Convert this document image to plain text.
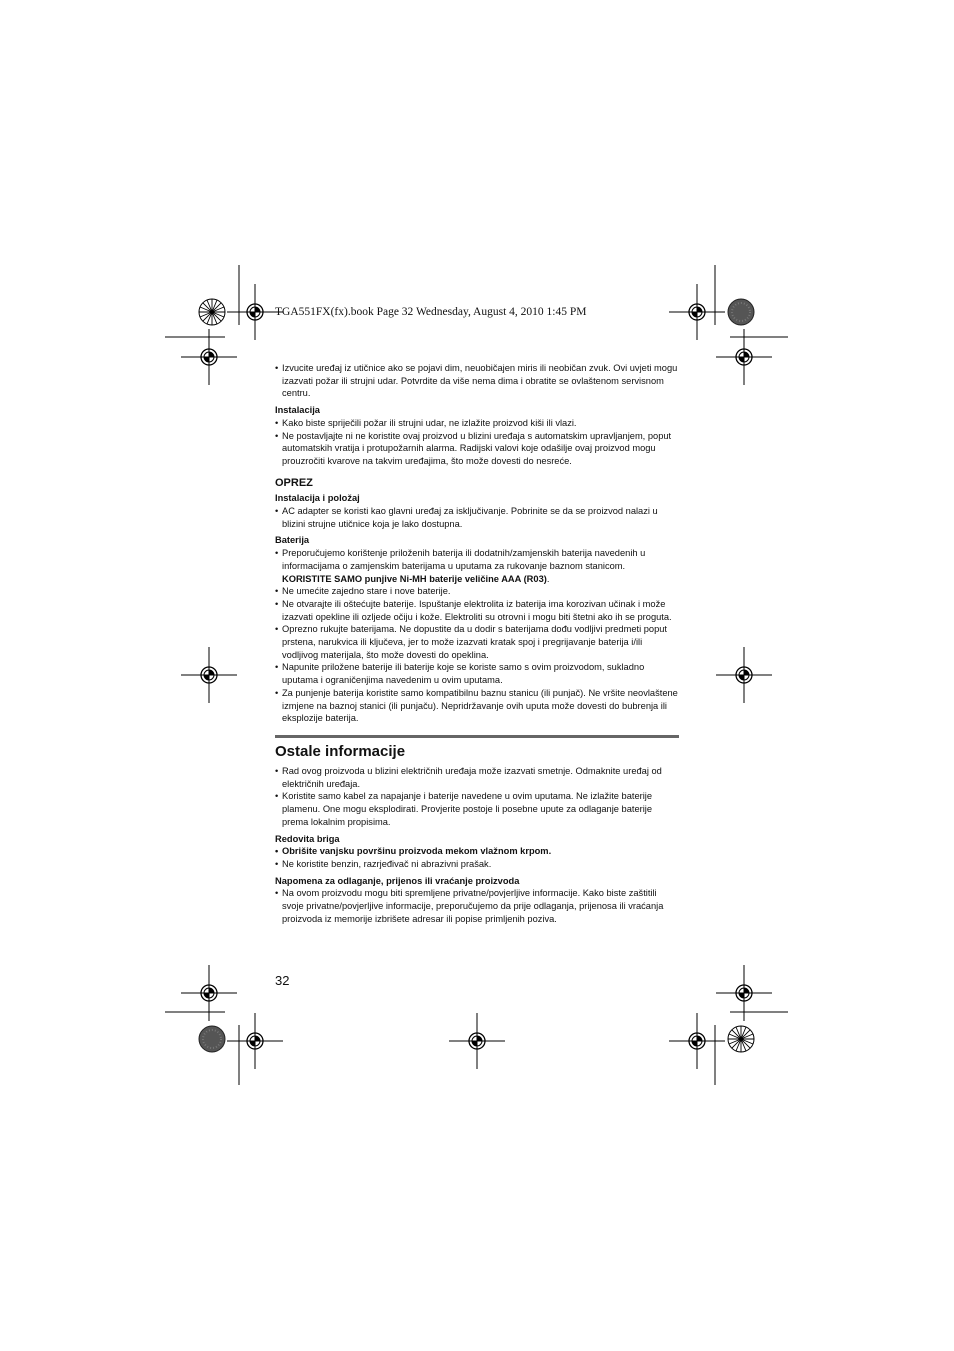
TGA551FX(fx).book Page 32 Wednesday, August 4, 2010 1:45 PM

• Izvucite uređaj iz utičnice ako se pojavi dim, neuobičajen miris ili neobičan zvuk. Ovi uvjeti mogu izazvati požar ili strujni udar. Potvrdite da više nema dima i obratite se ovlaštenom servisnom centru.

Instalacija

• Kako biste spriječili požar ili strujni udar, ne izlažite proizvod kiši ili vlazi.

• Ne postavljajte ni ne koristite ovaj proizvod u blizini uređaja s automatskim upravljanjem, poput automatskih vratija i protupožarnih alarma. Radijski valovi koje odašilje ovaj proizvod mogu prouzročiti kvarove na takvim uređajima, što može dovesti do nesreće.

OPREZ

Instalacija i položaj

• AC adapter se koristi kao glavni uređaj za isključivanje. Pobrinite se da se proizvod nalazi u blizini strujne utičnice koja je lako dostupna.

Baterija

• Preporučujemo korištenje priloženih baterija ili dodatnih/zamjenskih baterija navedenih u informacijama o zamjenskim baterijama u uputama za rukovanje baznom stanicom.
KORISTITE SAMO punjive Ni-MH baterije veličine AAA (R03).

• Ne umećite zajedno stare i nove baterije.

• Ne otvarajte ili oštećujte baterije. Ispuštanje elektrolita iz baterija ima korozivan učinak i može izazvati opekline ili ozljede očiju i kože. Elektroliti su otrovni i mogu biti štetni ako ih se proguta.

• Oprezno rukujte baterijama. Ne dopustite da u dodir s baterijama dođu vodljivi predmeti poput prstena, narukvica ili ključeva, jer to može izazvati kratak spoj i pregrijavanje baterija i/ili vodljivog materijala, što može dovesti do opeklina.

• Napunite priložene baterije ili baterije koje se koriste samo s ovim proizvodom, sukladno uputama i ograničenjima navedenim u ovim uputama.

• Za punjenje baterija koristite samo kompatibilnu baznu stanicu (ili punjač). Ne vršite neovlaštene izmjene na baznoj stanici (ili punjaču). Nepridržavanje ovih uputa može dovesti do bubrenja ili eksplozije baterija.

Ostale informacije

• Rad ovog proizvoda u blizini električnih uređaja može izazvati smetnje. Odmaknite uređaj od električnih uređaja.

• Koristite samo kabel za napajanje i baterije navedene u ovim uputama. Ne izlažite baterije plamenu. One mogu eksplodirati. Provjerite postoje li posebne upute za odlaganje baterije prema lokalnim propisima.

Redovita briga

• Obrišite vanjsku površinu proizvoda mekom vlažnom krpom.

• Ne koristite benzin, razrjeđivač ni abrazivni prašak.

Napomena za odlaganje, prijenos ili vraćanje proizvoda

• Na ovom proizvodu mogu biti spremljene privatne/povjerljive informacije. Kako biste zaštitili svoje privatne/povjerljive informacije, preporučujemo da prije odlaganja, prijenosa ili vraćanja proizvoda iz memorije izbrišete adresar ili popise primljenih poziva.

32
